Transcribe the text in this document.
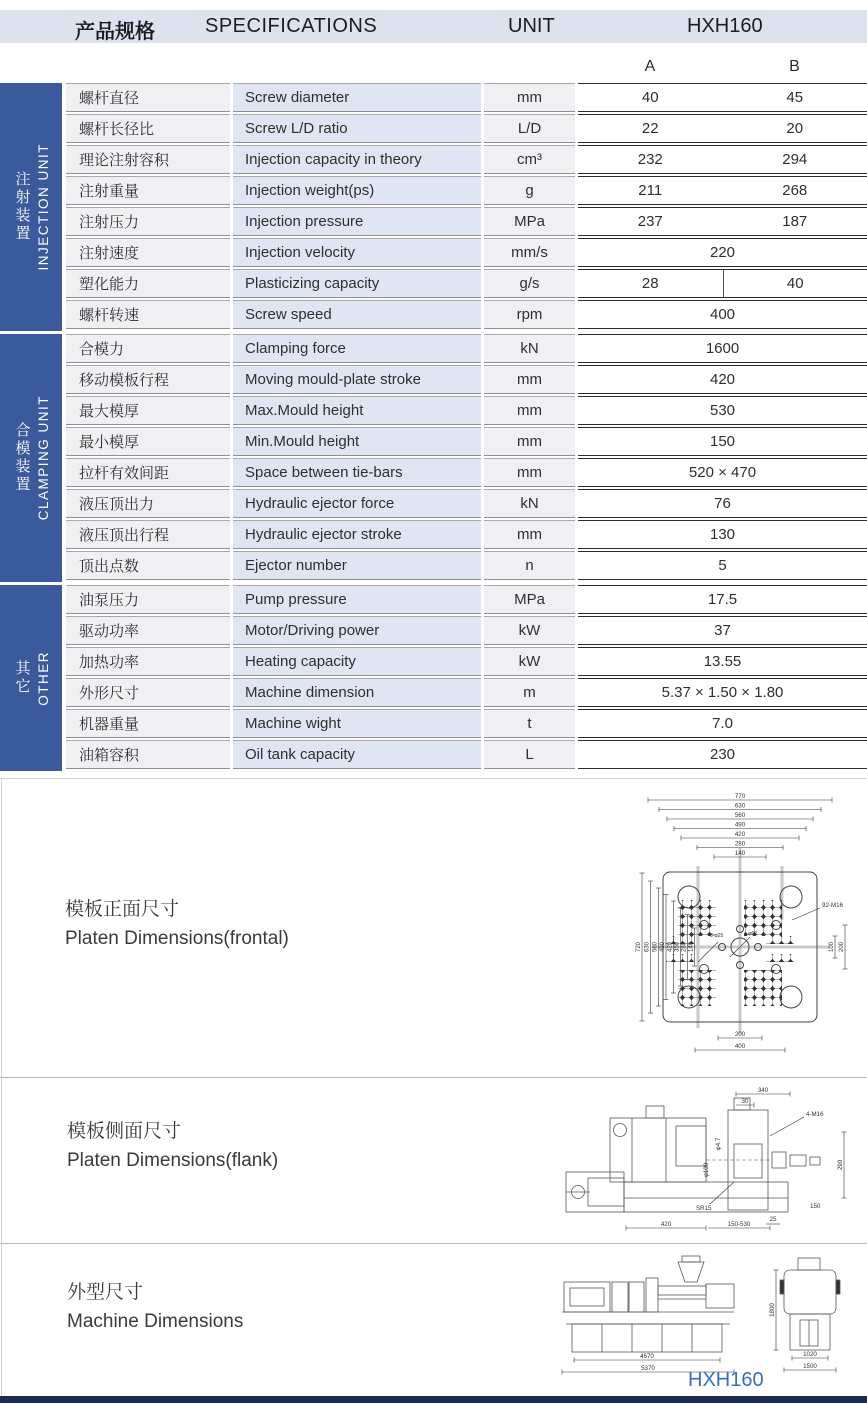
产品规格	SPECIFICATIONS	UNIT	HXH160
A	B
注射装置 INJECTION UNIT
螺杆直径	Screw diameter	mm	40	45
螺杆长径比	Screw L/D ratio	L/D	22	20
理论注射容积	Injection capacity in theory	cm³	232	294
注射重量	Injection weight(ps)	g	211	268
注射压力	Injection pressure	MPa	237	187
注射速度	Injection velocity	mm/s	220
塑化能力	Plasticizing capacity	g/s	28	40
螺杆转速	Screw speed	rpm	400
合模装置 CLAMPING UNIT
合模力	Clamping force	kN	1600
移动模板行程	Moving mould-plate stroke	mm	420
最大模厚	Max.Mould height	mm	530
最小模厚	Min.Mould height	mm	150
拉杆有效间距	Space between tie-bars	mm	520 × 470
液压顶出力	Hydraulic ejector force	kN	76
液压顶出行程	Hydraulic ejector stroke	mm	130
顶出点数	Ejector number	n	5
其它 OTHER
油泵压力	Pump pressure	MPa	17.5
驱动功率	Motor/Driving power	kW	37
加热功率	Heating capacity	kW	13.55
外形尺寸	Machine dimension	m	5.37 × 1.50 × 1.80
机器重量	Machine wight	t	7.0
油箱容积	Oil tank capacity	L	230
模板正面尺寸
Platen Dimensions(frontal)
模板侧面尺寸
Platen Dimensions(flank)
外型尺寸
Machine Dimensions
770
630
560
490
420
280
140
720 630 560 490 420 350 280 140	100 200
200
400
92-M16
8-φ25	φ60
340
30
4-M16
φ4.7
φ100
SR15
290
150
25
420	150-530
4670
5370
1800
1020
1500
HXH160
